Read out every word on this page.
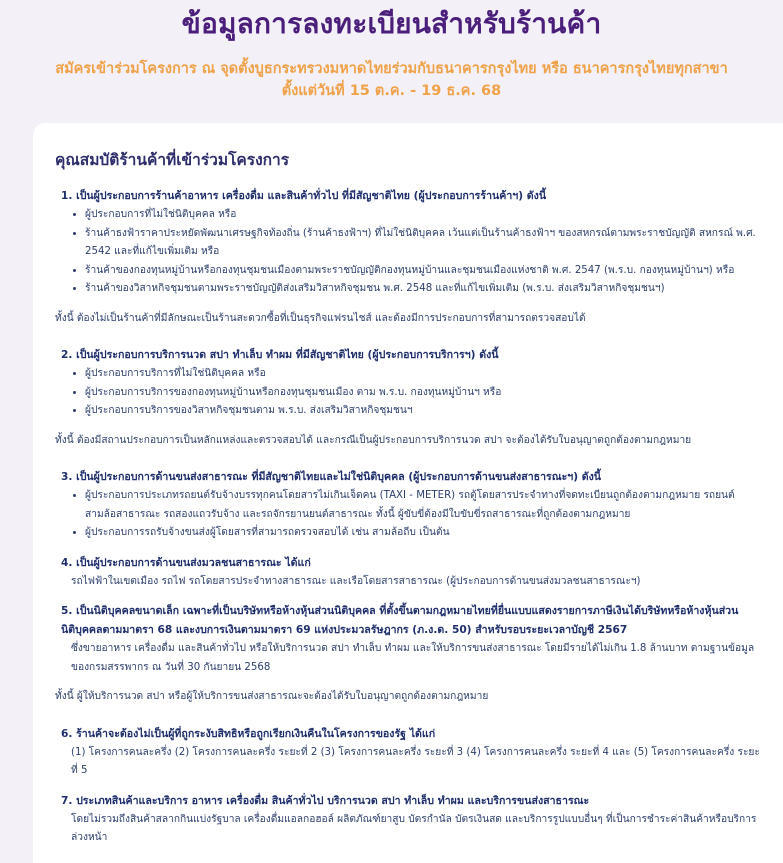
ข้อมูลการลงทะเบียนสำหรับร้านค้า

สมัครเข้าร่วมโครงการ ณ จุดตั้งบูธกระทรวงมหาดไทยร่วมกับธนาคารกรุงไทย หรือ ธนาคารกรุงไทยทุกสาขา
ตั้งแต่วันที่ 15 ต.ค. - 19 ธ.ค. 68

คุณสมบัติร้านค้าที่เข้าร่วมโครงการ

1. เป็นผู้ประกอบการร้านค้าอาหาร เครื่องดื่ม และสินค้าทั่วไป ที่มีสัญชาติไทย (ผู้ประกอบการร้านค้าฯ) ดังนี้

• ผู้ประกอบการที่ไม่ใช่นิติบุคคล หรือ
• ร้านค้าธงฟ้าราคาประหยัดพัฒนาเศรษฐกิจท้องถิ่น (ร้านค้าธงฟ้าฯ) ที่ไม่ใช่นิติบุคคล เว้นแต่เป็นร้านค้าธงฟ้าฯ ของสหกรณ์ตามพระราชบัญญัติ สหกรณ์ พ.ศ. 2542 และที่แก้ไขเพิ่มเติม หรือ
• ร้านค้าของกองทุนหมู่บ้านหรือกองทุนชุมชนเมืองตามพระราชบัญญัติกองทุนหมู่บ้านและชุมชนเมืองแห่งชาติ พ.ศ. 2547 (พ.ร.บ. กองทุนหมู่บ้านฯ) หรือ
• ร้านค้าของวิสาหกิจชุมชนตามพระราชบัญญัติส่งเสริมวิสาหกิจชุมชน พ.ศ. 2548 และที่แก้ไขเพิ่มเติม (พ.ร.บ. ส่งเสริมวิสาหกิจชุมชนฯ)

ทั้งนี้ ต้องไม่เป็นร้านค้าที่มีลักษณะเป็นร้านสะดวกซื้อที่เป็นธุรกิจแฟรนไชส์ และต้องมีการประกอบการที่สามารถตรวจสอบได้

2. เป็นผู้ประกอบการบริการนวด สปา ทำเล็บ ทำผม ที่มีสัญชาติไทย (ผู้ประกอบการบริการฯ) ดังนี้

• ผู้ประกอบการบริการที่ไม่ใช่นิติบุคคล หรือ
• ผู้ประกอบการบริการของกองทุนหมู่บ้านหรือกองทุนชุมชนเมือง ตาม พ.ร.บ. กองทุนหมู่บ้านฯ หรือ
• ผู้ประกอบการบริการของวิสาหกิจชุมชนตาม พ.ร.บ. ส่งเสริมวิสาหกิจชุมชนฯ

ทั้งนี้ ต้องมีสถานประกอบการเป็นหลักแหล่งและตรวจสอบได้ และกรณีเป็นผู้ประกอบการบริการนวด สปา จะต้องได้รับใบอนุญาตถูกต้องตามกฎหมาย

3. เป็นผู้ประกอบการด้านขนส่งสาธารณะ ที่มีสัญชาติไทยและไม่ใช่นิติบุคคล (ผู้ประกอบการด้านขนส่งสาธารณะฯ) ดังนี้

• ผู้ประกอบการประเภทรถยนต์รับจ้างบรรทุกคนโดยสารไม่เกินเจ็ดคน (TAXI - METER) รถตู้โดยสารประจำทางที่จดทะเบียนถูกต้องตามกฎหมาย รถยนต์สามล้อสาธารณะ รถสองแถวรับจ้าง และรถจักรยานยนต์สาธารณะ ทั้งนี้ ผู้ขับขี่ต้องมีใบขับขี่รถสาธารณะที่ถูกต้องตามกฎหมาย
• ผู้ประกอบการรถรับจ้างขนส่งผู้โดยสารที่สามารถตรวจสอบได้ เช่น สามล้อถีบ เป็นต้น

4. เป็นผู้ประกอบการด้านขนส่งมวลชนสาธารณะ ได้แก่

รถไฟฟ้าในเขตเมือง รถไฟ รถโดยสารประจำทางสาธารณะ และเรือโดยสารสาธารณะ (ผู้ประกอบการด้านขนส่งมวลชนสาธารณะฯ)

5. เป็นนิติบุคคลขนาดเล็ก เฉพาะที่เป็นบริษัทหรือห้างหุ้นส่วนนิติบุคคล ที่ตั้งขึ้นตามกฎหมายไทยที่ยื่นแบบแสดงรายการภาษีเงินได้บริษัทหรือห้างหุ้นส่วน
นิติบุคคลตามมาตรา 68 และงบการเงินตามมาตรา 69 แห่งประมวลรัษฎากร (ภ.ง.ด. 50) สำหรับรอบระยะเวลาบัญชี 2567

ซึ่งขายอาหาร เครื่องดื่ม และสินค้าทั่วไป หรือให้บริการนวด สปา ทำเล็บ ทำผม และให้บริการขนส่งสาธารณะ โดยมีรายได้ไม่เกิน 1.8 ล้านบาท ตามฐานข้อมูลของกรมสรรพากร ณ วันที่ 30 กันยายน 2568

ทั้งนี้ ผู้ให้บริการนวด สปา หรือผู้ให้บริการขนส่งสาธารณะจะต้องได้รับใบอนุญาตถูกต้องตามกฎหมาย

6. ร้านค้าจะต้องไม่เป็นผู้ที่ถูกระงับสิทธิหรือถูกเรียกเงินคืนในโครงการของรัฐ ได้แก่

(1) โครงการคนละครึ่ง (2) โครงการคนละครึ่ง ระยะที่ 2 (3) โครงการคนละครึ่ง ระยะที่ 3 (4) โครงการคนละครึ่ง ระยะที่ 4 และ (5) โครงการคนละครึ่ง ระยะที่ 5

7. ประเภทสินค้าและบริการ อาหาร เครื่องดื่ม สินค้าทั่วไป บริการนวด สปา ทำเล็บ ทำผม และบริการขนส่งสาธารณะ

โดยไม่รวมถึงสินค้าสลากกินแบ่งรัฐบาล เครื่องดื่มแอลกอฮอล์ ผลิตภัณฑ์ยาสูบ บัตรกำนัล บัตรเงินสด และบริการรูปแบบอื่นๆ ที่เป็นการชำระค่าสินค้าหรือบริการล่วงหน้า
